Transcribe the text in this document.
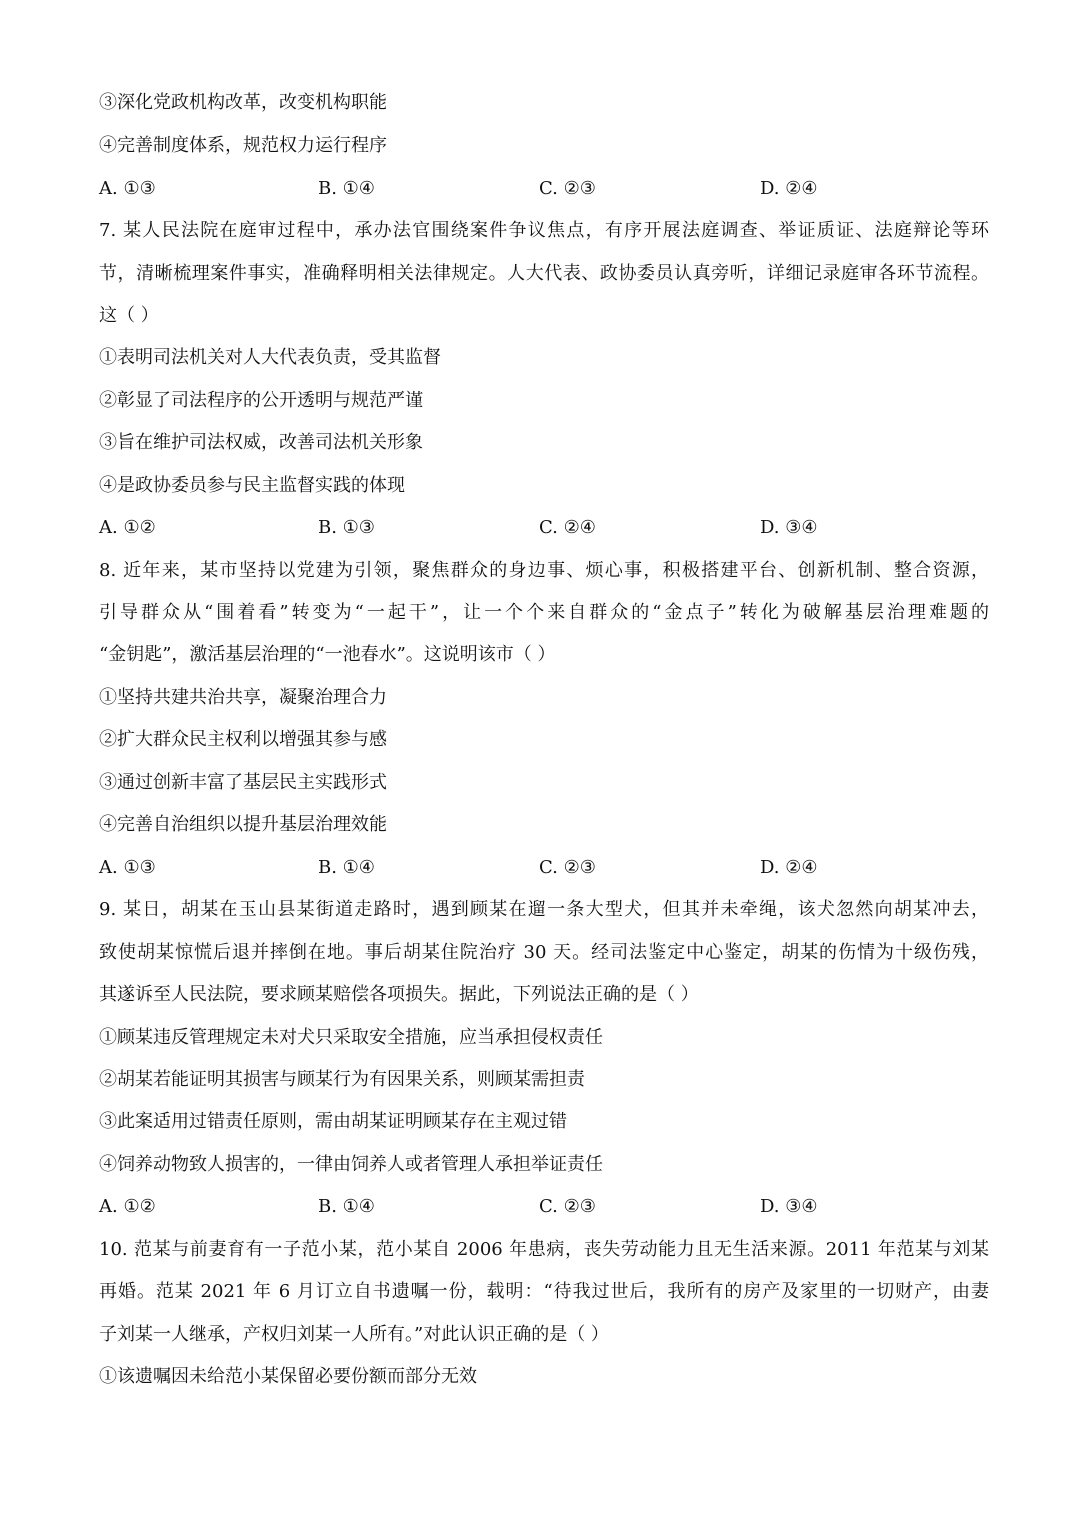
③深化党政机构改革，改变机构职能
④完善制度体系，规范权力运行程序
A. ①③	B. ①④	C. ②③	D. ②④
7. 某人民法院在庭审过程中，承办法官围绕案件争议焦点，有序开展法庭调查、举证质证、法庭辩论等环
节，清晰梳理案件事实，准确释明相关法律规定。人大代表、政协委员认真旁听，详细记录庭审各环节流程。
这（ ）
①表明司法机关对人大代表负责，受其监督
②彰显了司法程序的公开透明与规范严谨
③旨在维护司法权威，改善司法机关形象
④是政协委员参与民主监督实践的体现
A. ①②	B. ①③	C. ②④	D. ③④
8. 近年来，某市坚持以党建为引领，聚焦群众的身边事、烦心事，积极搭建平台、创新机制、整合资源，
引导群众从“围着看”转变为“一起干”，让一个个来自群众的“金点子”转化为破解基层治理难题的
“金钥匙”，激活基层治理的“一池春水”。这说明该市（ ）
①坚持共建共治共享，凝聚治理合力
②扩大群众民主权利以增强其参与感
③通过创新丰富了基层民主实践形式
④完善自治组织以提升基层治理效能
A. ①③	B. ①④	C. ②③	D. ②④
9. 某日，胡某在玉山县某街道走路时，遇到顾某在遛一条大型犬，但其并未牵绳，该犬忽然向胡某冲去，
致使胡某惊慌后退并摔倒在地。事后胡某住院治疗 30 天。经司法鉴定中心鉴定，胡某的伤情为十级伤残，
其遂诉至人民法院，要求顾某赔偿各项损失。据此，下列说法正确的是（ ）
①顾某违反管理规定未对犬只采取安全措施，应当承担侵权责任
②胡某若能证明其损害与顾某行为有因果关系，则顾某需担责
③此案适用过错责任原则，需由胡某证明顾某存在主观过错
④饲养动物致人损害的，一律由饲养人或者管理人承担举证责任
A. ①②	B. ①④	C. ②③	D. ③④
10. 范某与前妻育有一子范小某，范小某自 2006 年患病，丧失劳动能力且无生活来源。2011 年范某与刘某
再婚。范某 2021 年 6 月订立自书遗嘱一份，载明：“待我过世后，我所有的房产及家里的一切财产，由妻
子刘某一人继承，产权归刘某一人所有。”对此认识正确的是（ ）
①该遗嘱因未给范小某保留必要份额而部分无效
